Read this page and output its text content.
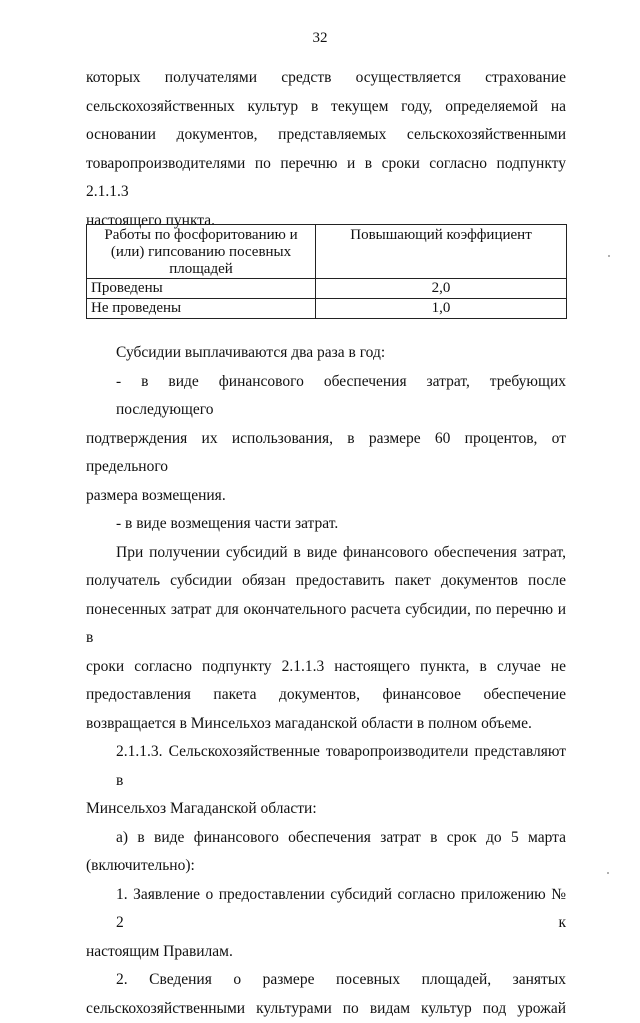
32
которых получателями средств осуществляется страхование
сельскохозяйственных культур в текущем году, определяемой на
основании документов, представляемых сельскохозяйственными
товаропроизводителями по перечню и в сроки согласно подпункту 2.1.1.3
настоящего пункта.
Работы по фосфоритованию и (или) гипсованию посевных площадей	Повышающий коэффициент
Проведены	2,0
Не проведены	1,0
Субсидии выплачиваются два раза в год:
- в виде финансового обеспечения затрат, требующих последующего
подтверждения их использования, в размере 60 процентов, от предельного
размера возмещения.
- в виде возмещения части затрат.
При получении субсидий в виде финансового обеспечения затрат,
получатель субсидии обязан предоставить пакет документов после
понесенных затрат для окончательного расчета субсидии, по перечню и в
сроки согласно подпункту 2.1.1.3 настоящего пункта, в случае не
предоставления пакета документов, финансовое обеспечение
возвращается в Минсельхоз магаданской области в полном объеме.
2.1.1.3. Сельскохозяйственные товаропроизводители представляют в
Минсельхоз Магаданской области:
а) в виде финансового обеспечения затрат в срок до 5 марта
(включительно):
1. Заявление о предоставлении субсидий согласно приложению № 2 к
настоящим Правилам.
2. Сведения о размере посевных площадей, занятых
сельскохозяйственными культурами по видам культур под урожай
